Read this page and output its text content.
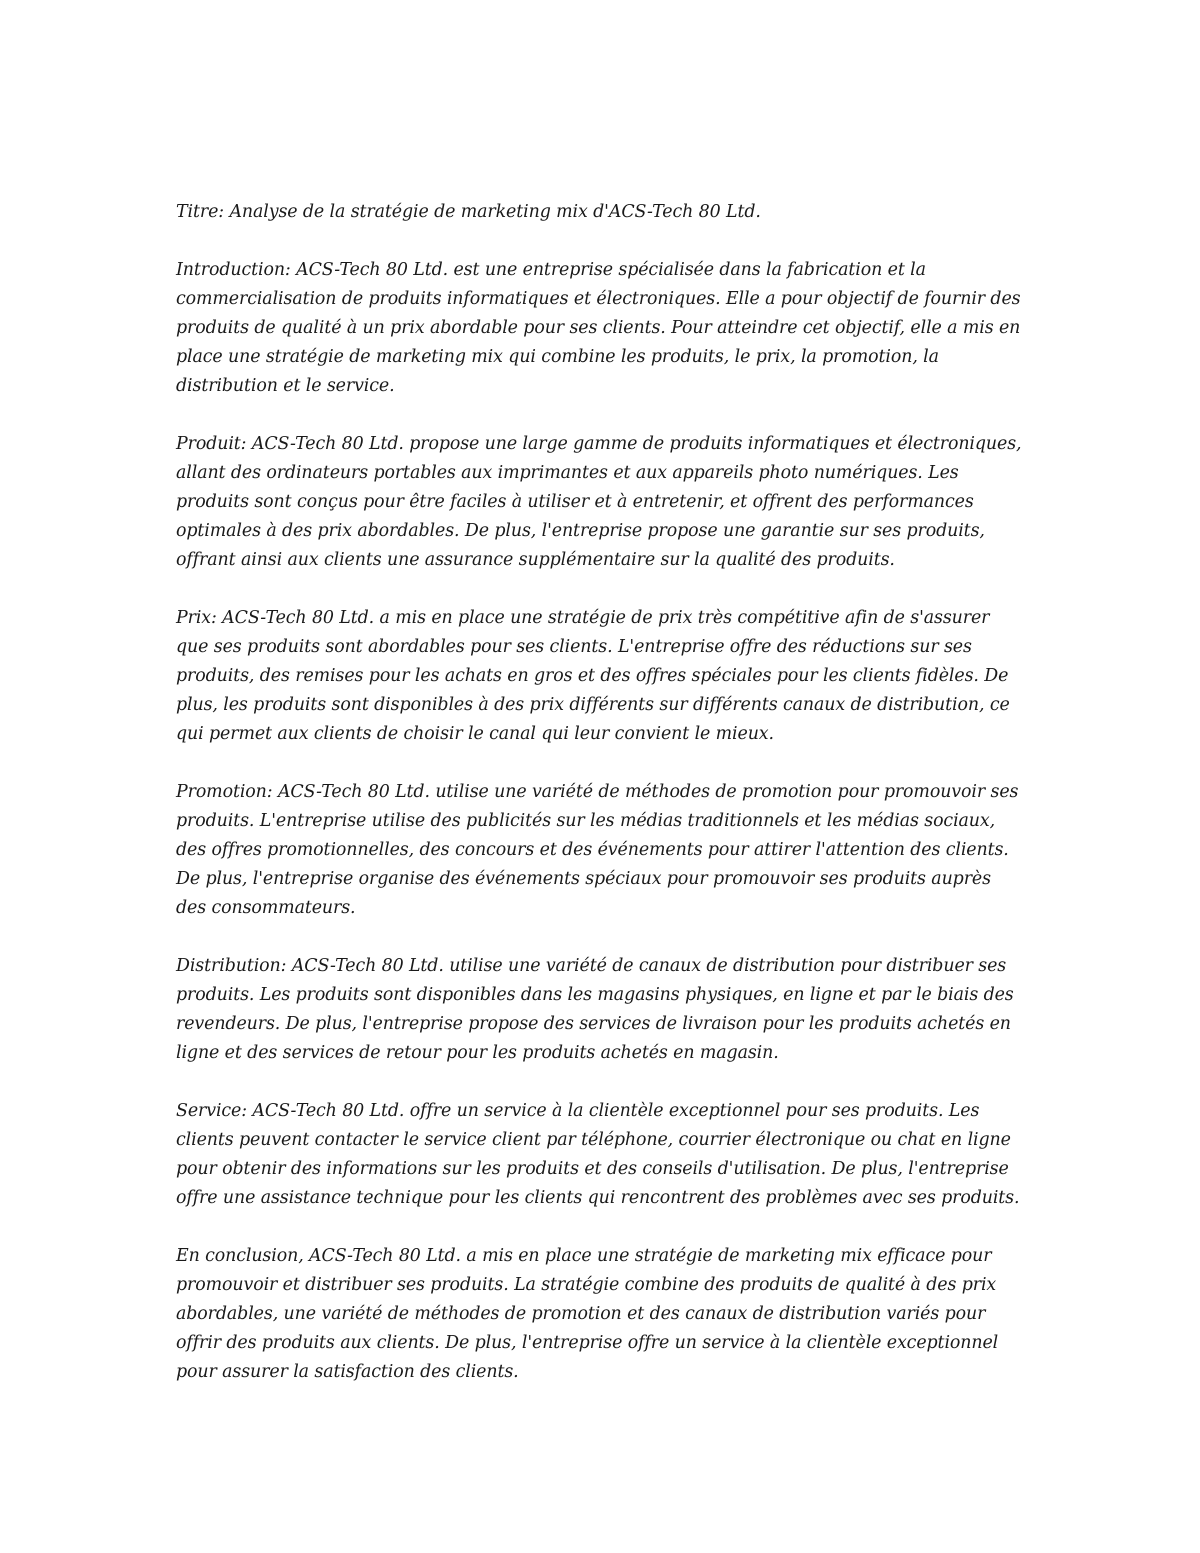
Titre: Analyse de la stratégie de marketing mix d'ACS-Tech 80 Ltd.

Introduction: ACS-Tech 80 Ltd. est une entreprise spécialisée dans la fabrication et la commercialisation de produits informatiques et électroniques. Elle a pour objectif de fournir des produits de qualité à un prix abordable pour ses clients. Pour atteindre cet objectif, elle a mis en place une stratégie de marketing mix qui combine les produits, le prix, la promotion, la distribution et le service.

Produit: ACS-Tech 80 Ltd. propose une large gamme de produits informatiques et électroniques, allant des ordinateurs portables aux imprimantes et aux appareils photo numériques. Les produits sont conçus pour être faciles à utiliser et à entretenir, et offrent des performances optimales à des prix abordables. De plus, l'entreprise propose une garantie sur ses produits, offrant ainsi aux clients une assurance supplémentaire sur la qualité des produits.

Prix: ACS-Tech 80 Ltd. a mis en place une stratégie de prix très compétitive afin de s'assurer que ses produits sont abordables pour ses clients. L'entreprise offre des réductions sur ses produits, des remises pour les achats en gros et des offres spéciales pour les clients fidèles. De plus, les produits sont disponibles à des prix différents sur différents canaux de distribution, ce qui permet aux clients de choisir le canal qui leur convient le mieux.

Promotion: ACS-Tech 80 Ltd. utilise une variété de méthodes de promotion pour promouvoir ses produits. L'entreprise utilise des publicités sur les médias traditionnels et les médias sociaux, des offres promotionnelles, des concours et des événements pour attirer l'attention des clients. De plus, l'entreprise organise des événements spéciaux pour promouvoir ses produits auprès des consommateurs.

Distribution: ACS-Tech 80 Ltd. utilise une variété de canaux de distribution pour distribuer ses produits. Les produits sont disponibles dans les magasins physiques, en ligne et par le biais des revendeurs. De plus, l'entreprise propose des services de livraison pour les produits achetés en ligne et des services de retour pour les produits achetés en magasin.

Service: ACS-Tech 80 Ltd. offre un service à la clientèle exceptionnel pour ses produits. Les clients peuvent contacter le service client par téléphone, courrier électronique ou chat en ligne pour obtenir des informations sur les produits et des conseils d'utilisation. De plus, l'entreprise offre une assistance technique pour les clients qui rencontrent des problèmes avec ses produits.

En conclusion, ACS-Tech 80 Ltd. a mis en place une stratégie de marketing mix efficace pour promouvoir et distribuer ses produits. La stratégie combine des produits de qualité à des prix abordables, une variété de méthodes de promotion et des canaux de distribution variés pour offrir des produits aux clients. De plus, l'entreprise offre un service à la clientèle exceptionnel pour assurer la satisfaction des clients.
